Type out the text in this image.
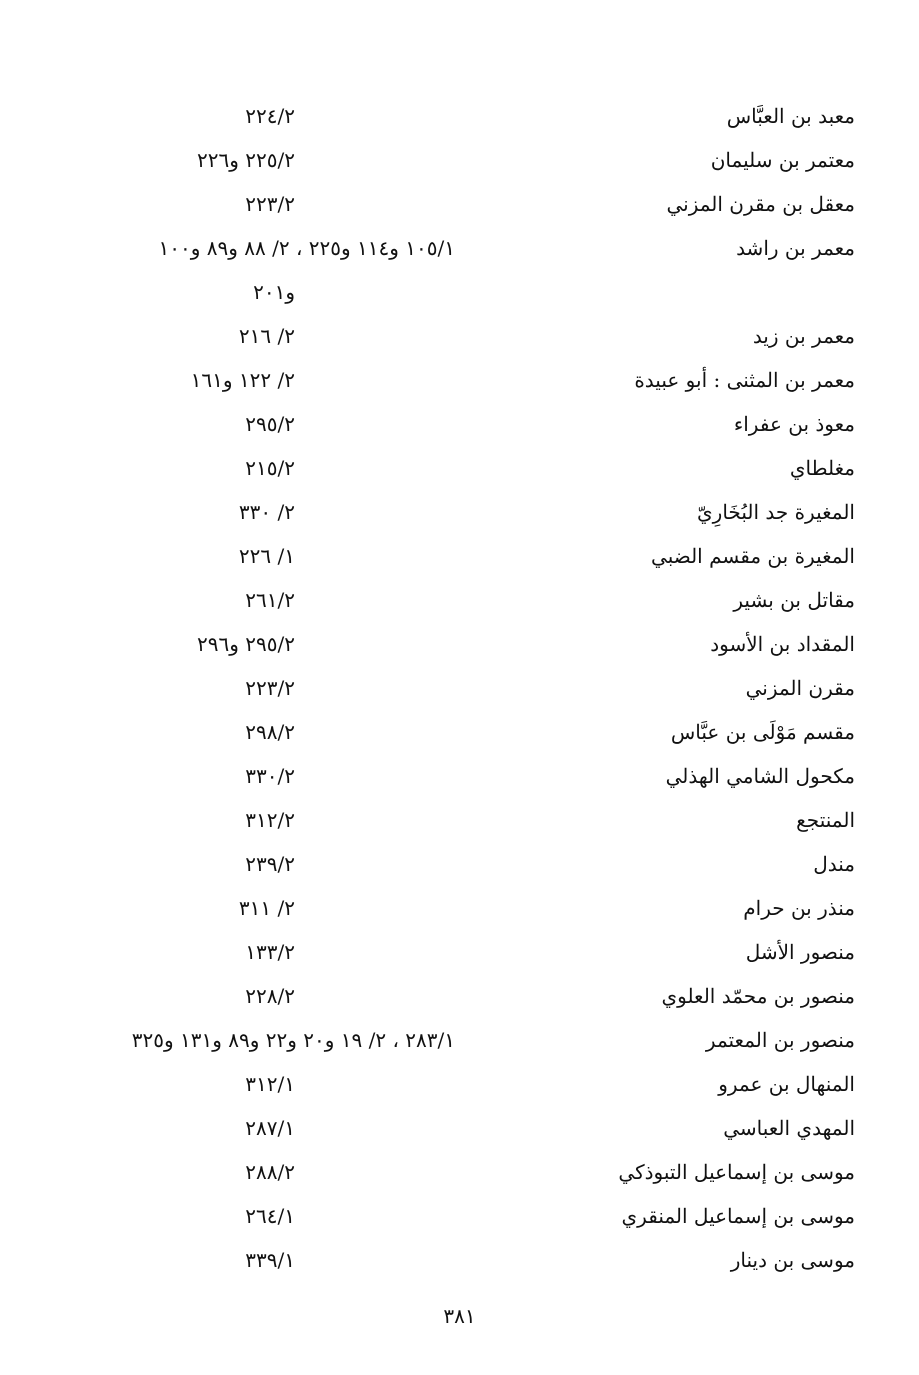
معبد بن العبَّاس
٢٢٤/٢
معتمر بن سليمان
٢٢٥/٢ و٢٢٦
معقل بن مقرن المزني
٢٢٣/٢
معمر بن راشد
١٠٥/١ و١١٤ و٢٢٥ ، ٢/ ٨٨ و٨٩ و١٠٠
و٢٠١
معمر بن زيد
٢/ ٢١٦
معمر بن المثنى : أبو عبيدة
٢/ ١٢٢ و١٦١
معوذ بن عفراء
٢٩٥/٢
مغلطاي
٢١٥/٢
المغيرة جد البُخَارِيّ
٢/ ٣٣٠
المغيرة بن مقسم الضبي
١/ ٢٢٦
مقاتل بن بشير
٢٦١/٢
المقداد بن الأسود
٢٩٥/٢ و٢٩٦
مقرن المزني
٢٢٣/٢
مقسم مَوْلَى بن عبَّاس
٢٩٨/٢
مكحول الشامي الهذلي
٣٣٠/٢
المنتجع
٣١٢/٢
مندل
٢٣٩/٢
منذر بن حرام
٢/ ٣١١
منصور الأشل
١٣٣/٢
منصور بن محمّد العلوي
٢٢٨/٢
منصور بن المعتمر
٢٨٣/١ ، ٢/ ١٩ و٢٠ و٢٢ و٨٩ و١٣١ و٣٢٥
المنهال بن عمرو
٣١٢/١
المهدي العباسي
٢٨٧/١
موسى بن إسماعيل التبوذكي
٢٨٨/٢
موسى بن إسماعيل المنقري
٢٦٤/١
موسى بن دينار
٣٣٩/١
٣٨١
